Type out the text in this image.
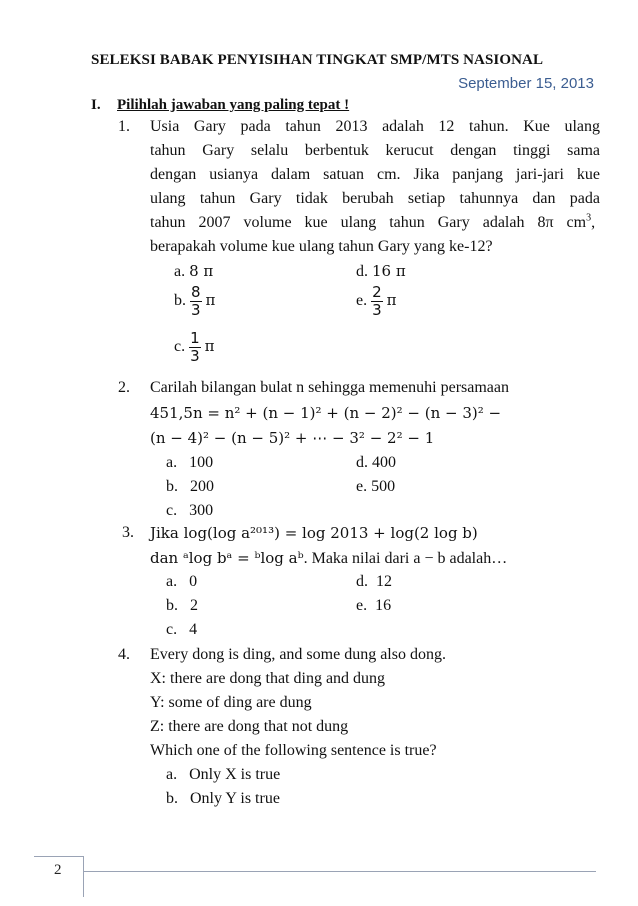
SELEKSI BABAK PENYISIHAN TINGKAT SMP/MTS NASIONAL
September 15, 2013
I. Pilihlah jawaban yang paling tepat !
1. Usia Gary pada tahun 2013 adalah 12 tahun. Kue ulang
tahun Gary selalu berbentuk kerucut dengan tinggi sama
dengan usianya dalam satuan cm. Jika panjang jari-jari kue
ulang tahun Gary tidak berubah setiap tahunnya dan pada
tahun 2007 volume kue ulang tahun Gary adalah 8π $cm^3$,
berapakah volume kue ulang tahun Gary yang ke-12?
a. 8 π	d. 16 π
b. $\frac{8}{3}$ π	e. $\frac{2}{3}$ π
c. $\frac{1}{3}$ π
2. Carilah bilangan bulat n sehingga memenuhi persamaan
451,5n = n² + (n − 1)² + (n − 2)² − (n − 3)² −
(n − 4)² − (n − 5)² + ⋯ − 3² − 2² − 1
a. 100	d. 400
b. 200	e. 500
c. 300
3. Jika log(log a²⁰¹³) = log 2013 + log(2 log b)
dan ᵃlog bᵃ = ᵇlog aᵇ. Maka nilai dari a − b adalah…
a. 0	d. 12
b. 2	e. 16
c. 4
4. Every dong is ding, and some dung also dong.
X: there are dong that ding and dung
Y: some of ding are dung
Z: there are dong that not dung
Which one of the following sentence is true?
a. Only X is true
b. Only Y is true
2
